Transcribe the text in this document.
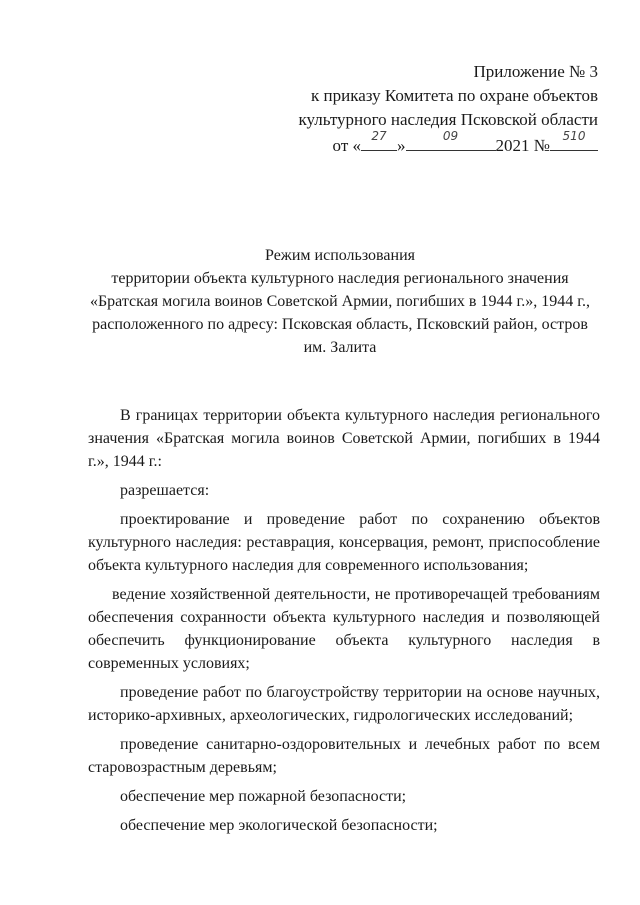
Приложение № 3
к приказу Комитета по охране объектов
культурного наследия Псковской области
от « 27 »	09	2021 №	510
Режим использования
территории объекта культурного наследия регионального значения
«Братская могила воинов Советской Армии, погибших в 1944 г.», 1944 г.,
расположенного по адресу: Псковская область, Псковский район, остров
им. Залита

В границах территории объекта культурного наследия регионального значения «Братская могила воинов Советской Армии, погибших в 1944 г.», 1944 г.:

разрешается:

проектирование и проведение работ по сохранению объектов культурного наследия: реставрация, консервация, ремонт, приспособление объекта культурного наследия для современного использования;

ведение хозяйственной деятельности, не противоречащей требованиям обеспечения сохранности объекта культурного наследия и позволяющей обеспечить функционирование объекта культурного наследия в современных условиях;

проведение работ по благоустройству территории на основе научных, историко-архивных, археологических, гидрологических исследований;

проведение санитарно-оздоровительных и лечебных работ по всем старовозрастным деревьям;

обеспечение мер пожарной безопасности;

обеспечение мер экологической безопасности;
